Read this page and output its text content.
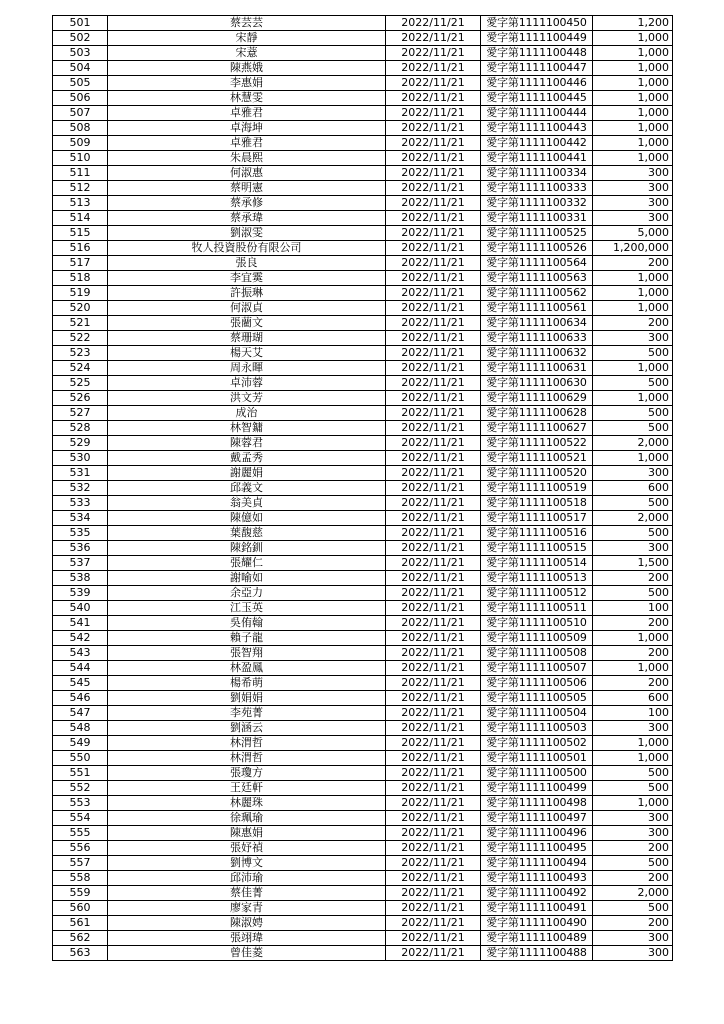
501	蔡芸芸	2022/11/21	愛字第1111100450	1,200
502	宋靜	2022/11/21	愛字第1111100449	1,000
503	宋薏	2022/11/21	愛字第1111100448	1,000
504	陳燕娥	2022/11/21	愛字第1111100447	1,000
505	李惠娟	2022/11/21	愛字第1111100446	1,000
506	林慧雯	2022/11/21	愛字第1111100445	1,000
507	卓雅君	2022/11/21	愛字第1111100444	1,000
508	卓海坤	2022/11/21	愛字第1111100443	1,000
509	卓雅君	2022/11/21	愛字第1111100442	1,000
510	朱晨熙	2022/11/21	愛字第1111100441	1,000
511	何淑惠	2022/11/21	愛字第1111100334	300
512	蔡明憲	2022/11/21	愛字第1111100333	300
513	蔡承修	2022/11/21	愛字第1111100332	300
514	蔡承瑋	2022/11/21	愛字第1111100331	300
515	劉淑雯	2022/11/21	愛字第1111100525	5,000
516	牧人投資股份有限公司	2022/11/21	愛字第1111100526	1,200,000
517	張良	2022/11/21	愛字第1111100564	200
518	李宜霙	2022/11/21	愛字第1111100563	1,000
519	許振琳	2022/11/21	愛字第1111100562	1,000
520	何淑貞	2022/11/21	愛字第1111100561	1,000
521	張藺文	2022/11/21	愛字第1111100634	200
522	蔡珊瑚	2022/11/21	愛字第1111100633	300
523	楊天艾	2022/11/21	愛字第1111100632	500
524	周永暉	2022/11/21	愛字第1111100631	1,000
525	卓沛蓉	2022/11/21	愛字第1111100630	500
526	洪文芳	2022/11/21	愛字第1111100629	1,000
527	成治	2022/11/21	愛字第1111100628	500
528	林智鏞	2022/11/21	愛字第1111100627	500
529	陳蓉君	2022/11/21	愛字第1111100522	2,000
530	戴孟秀	2022/11/21	愛字第1111100521	1,000
531	謝麗娟	2022/11/21	愛字第1111100520	300
532	邱義文	2022/11/21	愛字第1111100519	600
533	翁美貞	2022/11/21	愛字第1111100518	500
534	陳億如	2022/11/21	愛字第1111100517	2,000
535	葉馥慈	2022/11/21	愛字第1111100516	500
536	陳銘釧	2022/11/21	愛字第1111100515	300
537	張耀仁	2022/11/21	愛字第1111100514	1,500
538	謝喻如	2022/11/21	愛字第1111100513	200
539	余亞力	2022/11/21	愛字第1111100512	500
540	江玉英	2022/11/21	愛字第1111100511	100
541	吳侑翰	2022/11/21	愛字第1111100510	200
542	賴子龍	2022/11/21	愛字第1111100509	1,000
543	張智翔	2022/11/21	愛字第1111100508	200
544	林盈鳳	2022/11/21	愛字第1111100507	1,000
545	楊希萌	2022/11/21	愛字第1111100506	200
546	劉娟娟	2022/11/21	愛字第1111100505	600
547	李苑菁	2022/11/21	愛字第1111100504	100
548	劉涵云	2022/11/21	愛字第1111100503	300
549	林渭哲	2022/11/21	愛字第1111100502	1,000
550	林渭哲	2022/11/21	愛字第1111100501	1,000
551	張瓊方	2022/11/21	愛字第1111100500	500
552	王廷軒	2022/11/21	愛字第1111100499	500
553	林麗珠	2022/11/21	愛字第1111100498	1,000
554	徐珮瑜	2022/11/21	愛字第1111100497	300
555	陳惠娟	2022/11/21	愛字第1111100496	300
556	張妤禎	2022/11/21	愛字第1111100495	200
557	劉博文	2022/11/21	愛字第1111100494	500
558	邱沛瑜	2022/11/21	愛字第1111100493	200
559	蔡佳菁	2022/11/21	愛字第1111100492	2,000
560	廖家青	2022/11/21	愛字第1111100491	500
561	陳淑娉	2022/11/21	愛字第1111100490	200
562	張翊瑋	2022/11/21	愛字第1111100489	300
563	曾佳菱	2022/11/21	愛字第1111100488	300
